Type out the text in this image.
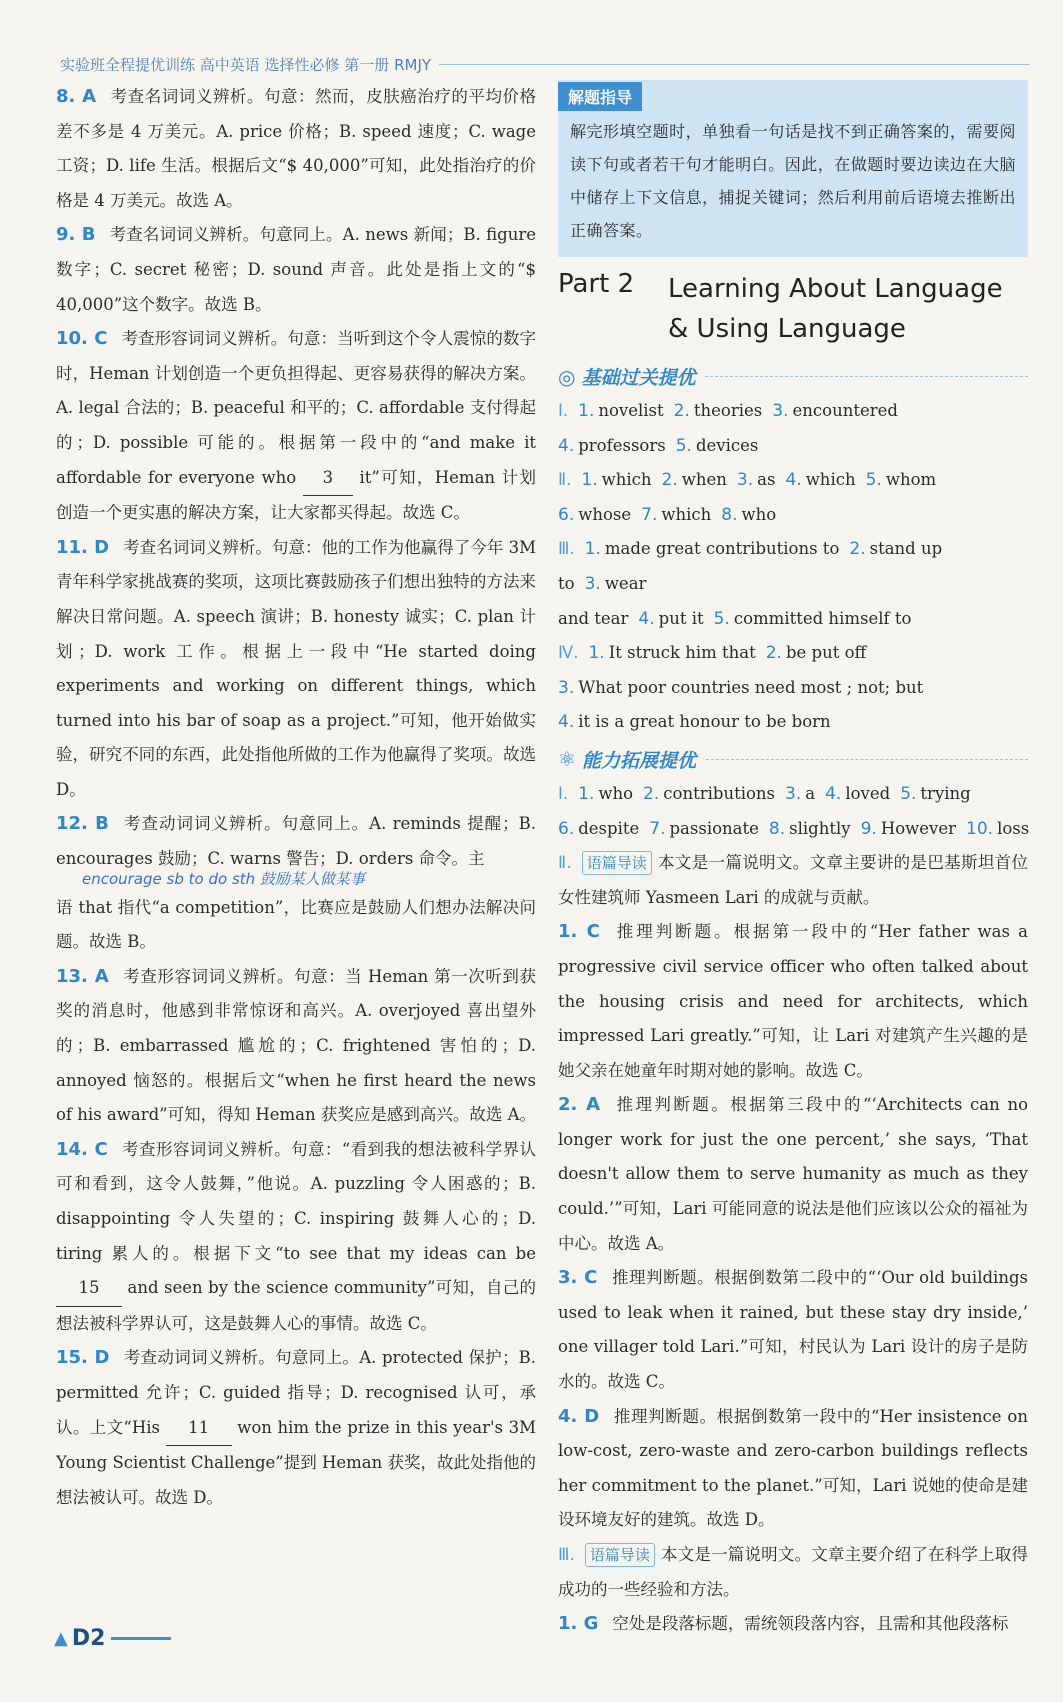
实验班全程提优训练 高中英语 选择性必修 第一册 RMJY

8. A 考查名词词义辨析。句意：然而，皮肤癌治疗的平均价格差不多是 4 万美元。A. price 价格；B. speed 速度；C. wage 工资；D. life 生活。根据后文“$ 40,000”可知，此处指治疗的价格是 4 万美元。故选 A。

9. B 考查名词词义辨析。句意同上。A. news 新闻；B. figure 数字；C. secret 秘密；D. sound 声音。此处是指上文的“$ 40,000”这个数字。故选 B。

10. C 考查形容词词义辨析。句意：当听到这个令人震惊的数字时，Heman 计划创造一个更负担得起、更容易获得的解决方案。A. legal 合法的；B. peaceful 和平的；C. affordable 支付得起的；D. possible 可能的。根据第一段中的“and make it affordable for everyone who 3 it”可知，Heman 计划创造一个更实惠的解决方案，让大家都买得起。故选 C。

11. D 考查名词词义辨析。句意：他的工作为他赢得了今年 3M 青年科学家挑战赛的奖项，这项比赛鼓励孩子们想出独特的方法来解决日常问题。A. speech 演讲；B. honesty 诚实；C. plan 计划；D. work 工作。根据上一段中“He started doing experiments and working on different things, which turned into his bar of soap as a project.”可知，他开始做实验，研究不同的东西，此处指他所做的工作为他赢得了奖项。故选 D。

12. B 考查动词词义辨析。句意同上。A. reminds 提醒；B. encourages 鼓励；C. warns 警告；D. orders 命令。主

encourage sb to do sth 鼓励某人做某事

语 that 指代“a competition”，比赛应是鼓励人们想办法解决问题。故选 B。

13. A 考查形容词词义辨析。句意：当 Heman 第一次听到获奖的消息时，他感到非常惊讶和高兴。A. overjoyed 喜出望外的；B. embarrassed 尴尬的；C. frightened 害怕的；D. annoyed 恼怒的。根据后文“when he first heard the news of his award”可知，得知 Heman 获奖应是感到高兴。故选 A。

14. C 考查形容词词义辨析。句意：“看到我的想法被科学界认可和看到，这令人鼓舞，”他说。A. puzzling 令人困惑的；B. disappointing 令人失望的；C. inspiring 鼓舞人心的；D. tiring 累人的。根据下文“to see that my ideas can be 15 and seen by the science community”可知，自己的想法被科学界认可，这是鼓舞人心的事情。故选 C。

15. D 考查动词词义辨析。句意同上。A. protected 保护；B. permitted 允许；C. guided 指导；D. recognised 认可，承认。上文“His 11 won him the prize in this year's 3M Young Scientist Challenge”提到 Heman 获奖，故此处指他的想法被认可。故选 D。

解题指导
解完形填空题时，单独看一句话是找不到正确答案的，需要阅读下句或者若干句才能明白。因此，在做题时要边读边在大脑中储存上下文信息，捕捉关键词；然后利用前后语境去推断出正确答案。
Part 2	Learning About Language & Using Language
◎ 基础过关提优

Ⅰ. 1. novelist 2. theories 3. encountered

4. professors 5. devices

Ⅱ. 1. which 2. when 3. as 4. which 5. whom

6. whose 7. which 8. who

Ⅲ. 1. made great contributions to 2. stand up to 3. wear

and tear 4. put it 5. committed himself to

Ⅳ. 1. It struck him that 2. be put off

3. What poor countries need most ; not; but

4. it is a great honour to be born

⚛ 能力拓展提优

Ⅰ. 1. who 2. contributions 3. a 4. loved 5. trying

6. despite 7. passionate 8. slightly 9. However 10. loss

Ⅱ. 语篇导读 本文是一篇说明文。文章主要讲的是巴基斯坦首位女性建筑师 Yasmeen Lari 的成就与贡献。

1. C 推理判断题。根据第一段中的“Her father was a progressive civil service officer who often talked about the housing crisis and need for architects, which impressed Lari greatly.”可知，让 Lari 对建筑产生兴趣的是她父亲在她童年时期对她的影响。故选 C。

2. A 推理判断题。根据第三段中的“‘Architects can no longer work for just the one percent,’ she says, ‘That doesn't allow them to serve humanity as much as they could.’”可知，Lari 可能同意的说法是他们应该以公众的福祉为中心。故选 A。

3. C 推理判断题。根据倒数第二段中的“‘Our old buildings used to leak when it rained, but these stay dry inside,’ one villager told Lari.”可知，村民认为 Lari 设计的房子是防水的。故选 C。

4. D 推理判断题。根据倒数第一段中的“Her insistence on low-cost, zero-waste and zero-carbon buildings reflects her commitment to the planet.”可知，Lari 说她的使命是建设环境友好的建筑。故选 D。

Ⅲ. 语篇导读 本文是一篇说明文。文章主要介绍了在科学上取得成功的一些经验和方法。

1. G 空处是段落标题，需统领段落内容，且需和其他段落标

▲ D2
